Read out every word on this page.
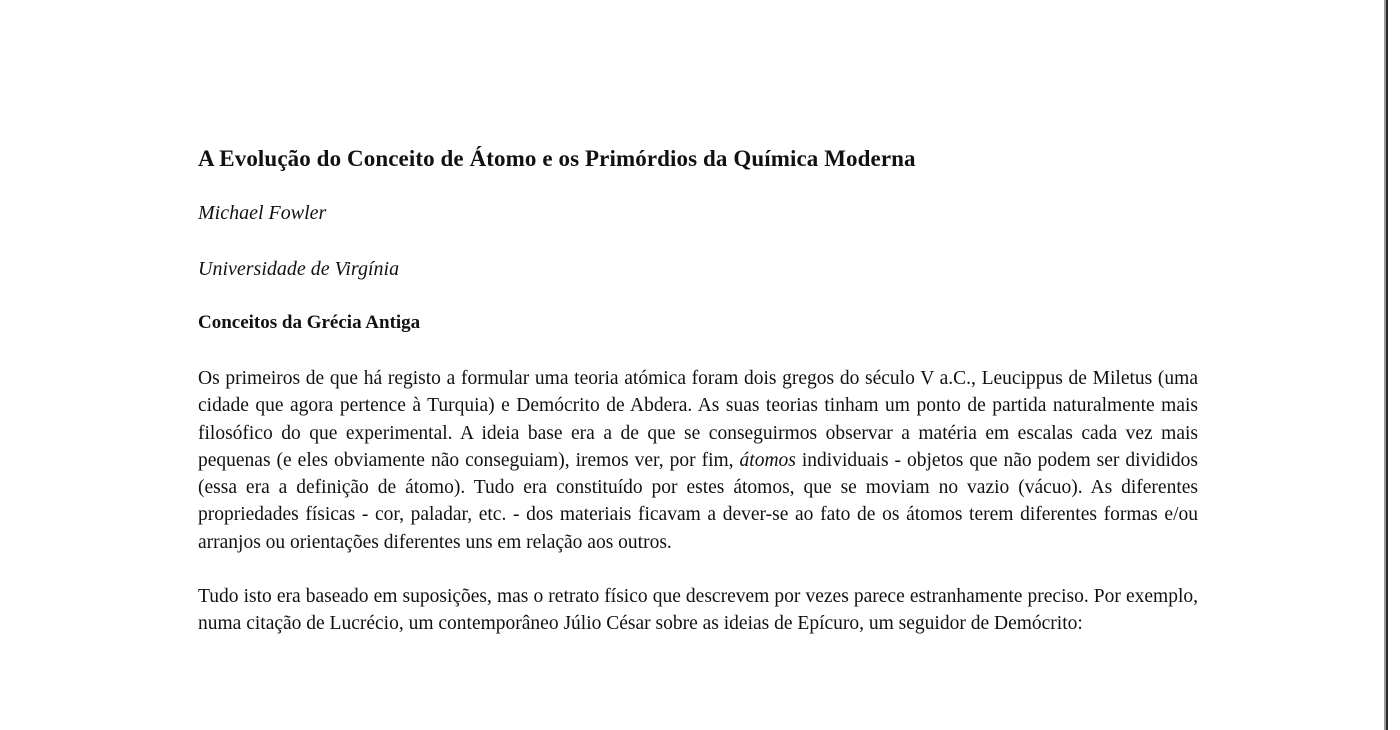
A Evolução do Conceito de Átomo e os Primórdios da Química Moderna

Michael Fowler

Universidade de Virgínia

Conceitos da Grécia Antiga

Os primeiros de que há registo a formular uma teoria atómica foram dois gregos do século V a.C., Leucippus de Miletus (uma cidade que agora pertence à Turquia) e Demócrito de Abdera. As suas teorias tinham um ponto de partida naturalmente mais filosófico do que experimental. A ideia base era a de que se conseguirmos observar a matéria em escalas cada vez mais pequenas (e eles obviamente não conseguiam), iremos ver, por fim, átomos individuais - objetos que não podem ser divididos (essa era a definição de átomo). Tudo era constituído por estes átomos, que se moviam no vazio (vácuo). As diferentes propriedades físicas - cor, paladar, etc. - dos materiais ficavam a dever-se ao fato de os átomos terem diferentes formas e/ou arranjos ou orientações diferentes uns em relação aos outros.

Tudo isto era baseado em suposições, mas o retrato físico que descrevem por vezes parece estranhamente preciso. Por exemplo, numa citação de Lucrécio, um contemporâneo Júlio César sobre as ideias de Epícuro, um seguidor de Demócrito:
